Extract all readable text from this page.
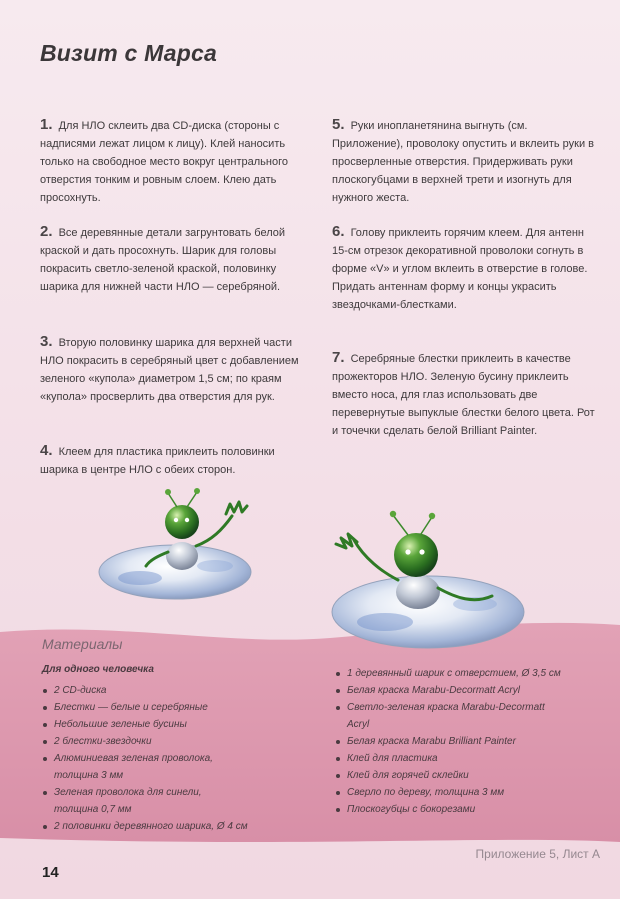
Визит с Марса
1. Для НЛО склеить два CD-диска (стороны с надписями лежат лицом к лицу). Клей наносить только на свободное место вокруг центрального отверстия тонким и ровным слоем. Клею дать просохнуть.
2. Все деревянные детали загрунтовать белой краской и дать просохнуть. Шарик для головы покрасить светло-зеленой краской, половинку шарика для нижней части НЛО — серебряной.
3. Вторую половинку шарика для верхней части НЛО покрасить в серебряный цвет с добавлением зеленого «купола» диаметром 1,5 см; по краям «купола» просверлить два отверстия для рук.
4. Клеем для пластика приклеить половинки шарика в центре НЛО с обеих сторон.
5. Руки инопланетянина выгнуть (см. Приложение), проволоку опустить и вклеить руки в просверленные отверстия. Придерживать руки плоскогубцами в верхней трети и изогнуть для нужного жеста.
6. Голову приклеить горячим клеем. Для антенн 15-см отрезок декоративной проволоки согнуть в форме «V» и углом вклеить в отверстие в голове. Придать антеннам форму и концы украсить звездочками-блестками.
7. Серебряные блестки приклеить в качестве прожекторов НЛО. Зеленую бусину приклеить вместо носа, для глаз использовать две перевернутые выпуклые блестки белого цвета. Рот и точечки сделать белой Brilliant Painter.
Материалы
Для одного человечка
2 CD-диска
Блестки — белые и серебряные
Небольшие зеленые бусины
2 блестки-звездочки
Алюминиевая зеленая проволока,
толщина 3 мм
Зеленая проволока для синели,
толщина 0,7 мм
2 половинки деревянного шарика, Ø 4 см
1 деревянный шарик с отверстием, Ø 3,5 см
Белая краска Marabu-Decormatt Acryl
Светло-зеленая краска Marabu-Decormatt
Acryl
Белая краска Marabu Brilliant Painter
Клей для пластика
Клей для горячей склейки
Сверло по дереву, толщина 3 мм
Плоскогубцы с бокорезами
14
Приложение 5, Лист А
